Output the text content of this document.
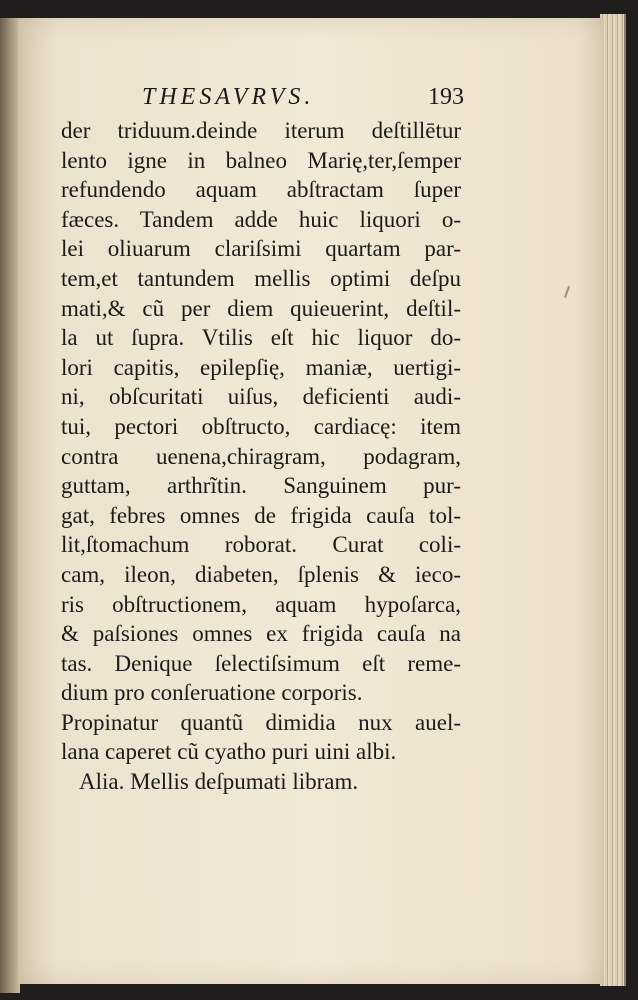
THESAVRVS.	193
der triduum.deinde iterum deſtillētur
lento igne in balneo Marię,ter,ſemper
refundendo aquam abſtractam ſuper
fæces. Tandem adde huic liquori o-
lei oliuarum clariſsimi quartam par-
tem,et tantundem mellis optimi deſpu
mati,& cũ per diem quieuerint, deſtil-
la ut ſupra. Vtilis eſt hic liquor do-
lori capitis, epilepſię, maniæ, uertigi-
ni, obſcuritati uiſus, deficienti audi-
tui, pectori obſtructo, cardiacę: item
contra uenena,chiragram, podagram,
guttam, arthrĩtin. Sanguinem pur-
gat, febres omnes de frigida cauſa tol-
lit,ſtomachum roborat. Curat coli-
cam, ileon, diabeten, ſplenis & iecο-
ris obſtructionem, aquam hypoſarca,
& paſsiones omnes ex frigida cauſa na
tas. Denique ſelectiſsimum eſt reme-
dium pro conſeruatione corporis.
Propinatur quantũ dimidia nux auel-
lana caperet cũ cyatho puri uini albi.
Alia. Mellis deſpumati libram.
